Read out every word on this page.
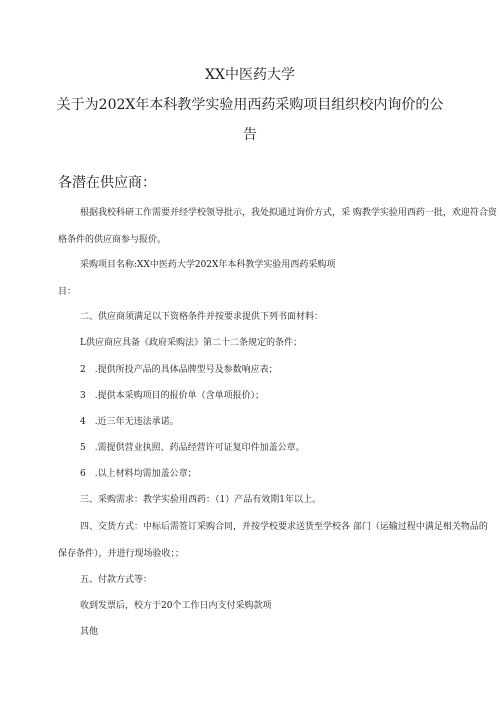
XX中医药大学
关于为202X年本科教学实验用西药采购项目组织校内询价的公
告
各潜在供应商：
根据我校科研工作需要并经学校领导批示，我处拟通过询价方式，采 购教学实验用西药一批，欢迎符合资
格条件的供应商参与报价。
采购项目名称:XX中医药大学202X年本科教学实验用西药采购项
目：
二、供应商须满足以下资格条件并按要求提供下列书面材料：
L供应商应具备《政府采购法》第二十二条规定的条件；
2　.提供所投产品的具体品牌型号及参数响应表；
3　.提供本采购项目的报价单（含单项报价）；
4　.近三年无违法承诺。
5　.需提供营业执照、药品经营许可证复印件加盖公章。
6　.以上材料均需加盖公章；
三、采购需求：教学实验用西药：（1）产品有效期1年以上。
四、交货方式：中标后需签订采购合同，并按学校要求送货至学校各 部门（运输过程中满足相关物品的
保存条件），并进行现场验收；；
五、付款方式等：
收到发票后，校方于20个工作日内支付采购款项
其他
